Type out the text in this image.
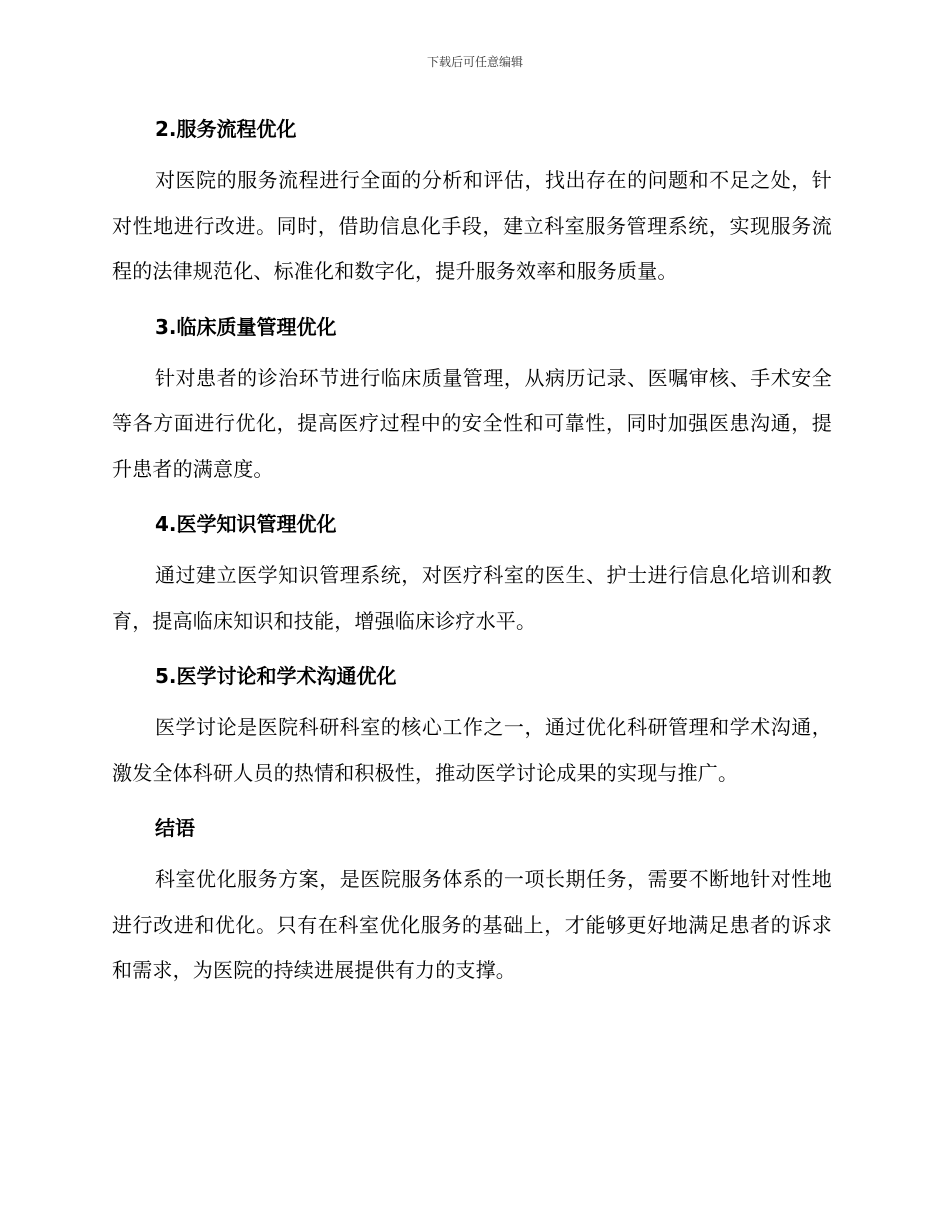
下载后可任意编辑

2.服务流程优化

对医院的服务流程进行全面的分析和评估，找出存在的问题和不足之处，针对性地进行改进。同时，借助信息化手段，建立科室服务管理系统，实现服务流程的法律规范化、标准化和数字化，提升服务效率和服务质量。

3.临床质量管理优化

针对患者的诊治环节进行临床质量管理，从病历记录、医嘱审核、手术安全等各方面进行优化，提高医疗过程中的安全性和可靠性，同时加强医患沟通，提升患者的满意度。

4.医学知识管理优化

通过建立医学知识管理系统，对医疗科室的医生、护士进行信息化培训和教育，提高临床知识和技能，增强临床诊疗水平。

5.医学讨论和学术沟通优化

医学讨论是医院科研科室的核心工作之一，通过优化科研管理和学术沟通，激发全体科研人员的热情和积极性，推动医学讨论成果的实现与推广。

结语

科室优化服务方案，是医院服务体系的一项长期任务，需要不断地针对性地进行改进和优化。只有在科室优化服务的基础上，才能够更好地满足患者的诉求和需求，为医院的持续进展提供有力的支撑。
